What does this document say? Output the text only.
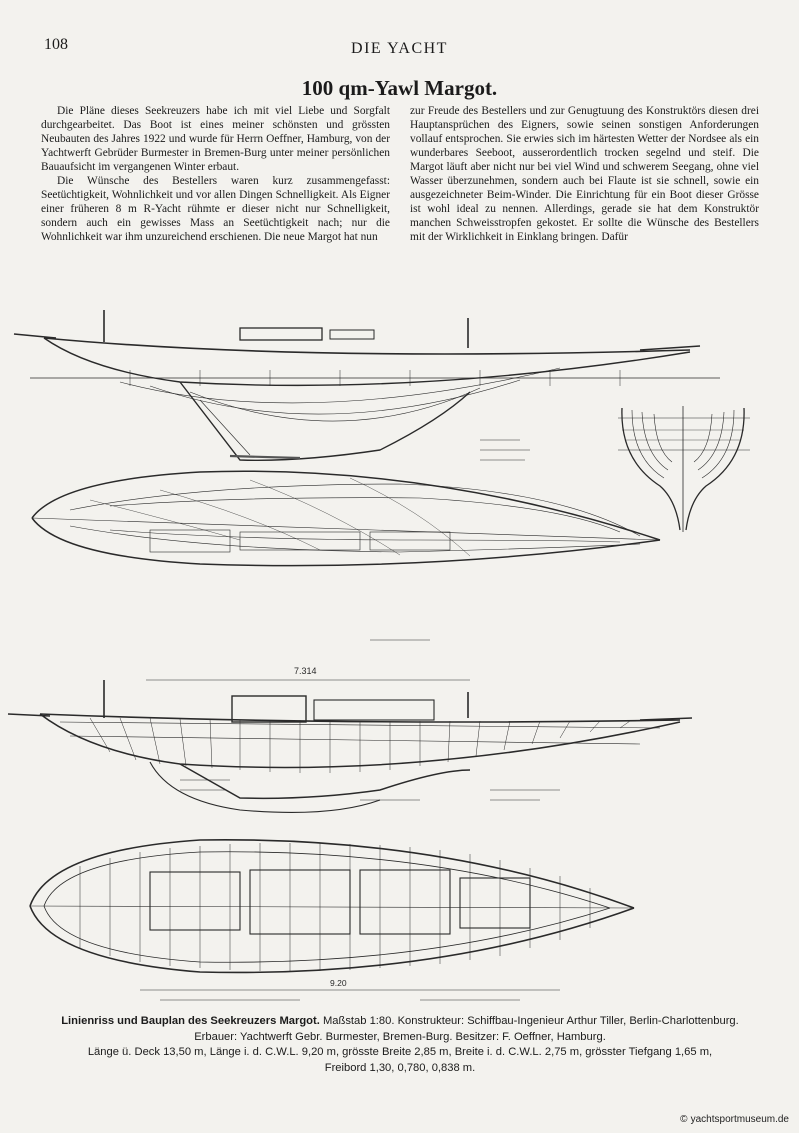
108	DIE YACHT
100 qm-Yawl Margot.

Die Pläne dieses Seekreuzers habe ich mit viel Liebe und Sorgfalt durchgearbeitet. Das Boot ist eines meiner schönsten und grössten Neubauten des Jahres 1922 und wurde für Herrn Oeffner, Hamburg, von der Yachtwerft Gebrüder Burmester in Bremen-Burg unter meiner persönlichen Bauaufsicht im vergangenen Winter erbaut.

Die Wünsche des Bestellers waren kurz zusammengefasst: Seetüchtigkeit, Wohnlichkeit und vor allen Dingen Schnelligkeit. Als Eigner einer früheren 8 m R-Yacht rühmte er dieser nicht nur Schnelligkeit, sondern auch ein gewisses Mass an Seetüchtigkeit nach; nur die Wohnlichkeit war ihm unzureichend erschienen. Die neue Margot hat nun

zur Freude des Bestellers und zur Genugtuung des Konstruktörs diesen drei Hauptansprüchen des Eigners, sowie seinen sonstigen Anforderungen vollauf entsprochen. Sie erwies sich im härtesten Wetter der Nordsee als ein wunderbares Seeboot, ausserordentlich trocken segelnd und steif. Die Margot läuft aber nicht nur bei viel Wind und schwerem Seegang, ohne viel Wasser überzunehmen, sondern auch bei Flaute ist sie schnell, sowie ein ausgezeichneter Beim-Winder. Die Einrichtung für ein Boot dieser Grösse ist wohl ideal zu nennen. Allerdings, gerade sie hat dem Konstruktör manchen Schweisstropfen gekostet. Er sollte die Wünsche des Bestellers mit der Wirklichkeit in Einklang bringen. Dafür

7.314
9.20
Linienriss und Bauplan des Seekreuzers Margot. Maßstab 1:80. Konstrukteur: Schiffbau-Ingenieur Arthur Tiller, Berlin-Charlottenburg.
Erbauer: Yachtwerft Gebr. Burmester, Bremen-Burg. Besitzer: F. Oeffner, Hamburg.
Länge ü. Deck 13,50 m, Länge i. d. C.W.L. 9,20 m, grösste Breite 2,85 m, Breite i. d. C.W.L. 2,75 m, grösster Tiefgang 1,65 m,
Freibord 1,30, 0,780, 0,838 m.
© yachtsportmuseum.de
